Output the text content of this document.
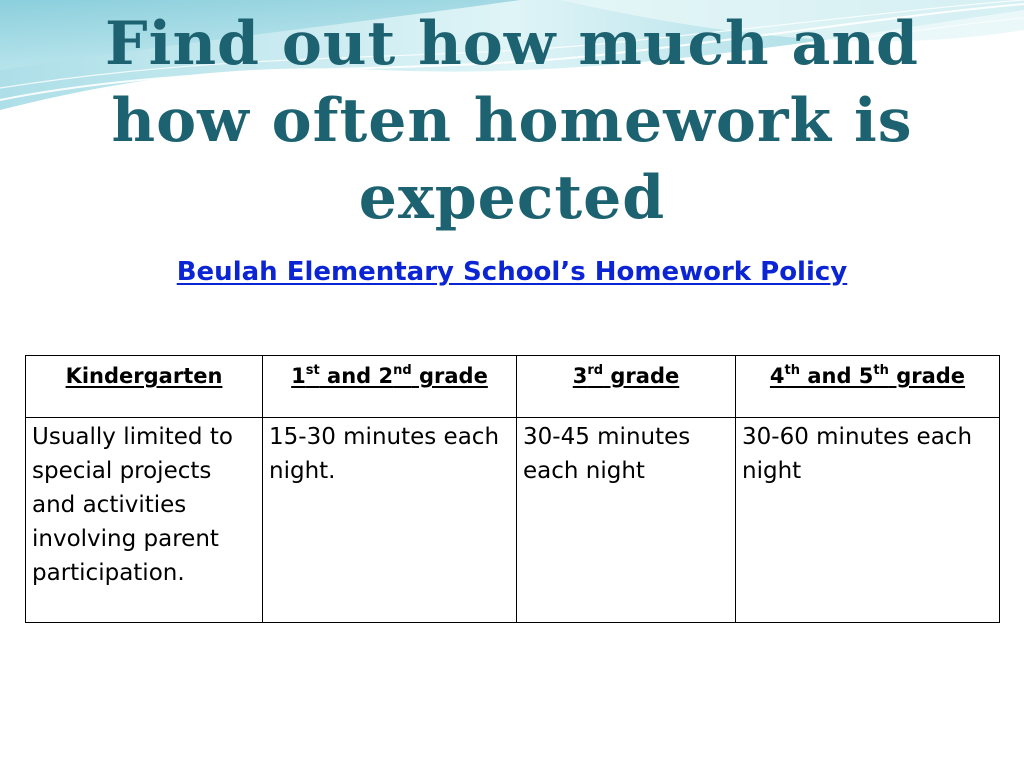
Find out how much and how often homework is expected
Beulah Elementary School’s Homework Policy
Kindergarten	1st and 2nd grade	3rd grade	4th and 5th grade
Usually limited to special projects and activities involving parent participation.	15-30 minutes each night.	30-45 minutes each night	30-60 minutes each night
